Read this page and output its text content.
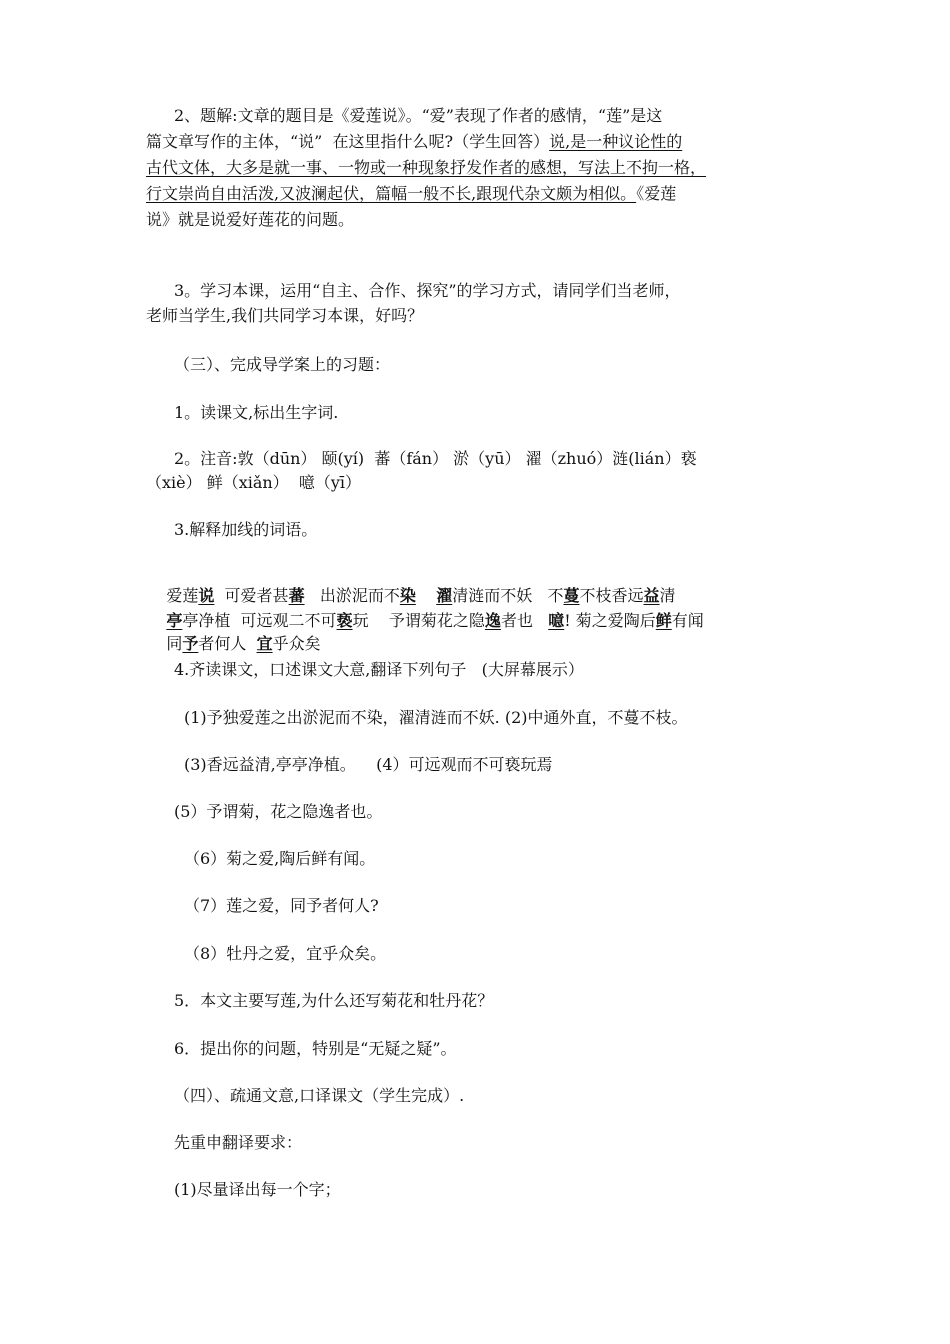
2、题解:文章的题目是《爱莲说》。“爱”表现了作者的感情，“莲”是这
篇文章写作的主体，“说”  在这里指什么呢?（学生回答）说,是一种议论性的
古代文体，大多是就一事、一物或一种现象抒发作者的感想，写法上不拘一格，
行文崇尚自由活泼,又波澜起伏，篇幅一般不长,跟现代杂文颇为相似。《爱莲
说》就是说爱好莲花的问题。
3。学习本课，运用“自主、合作、探究”的学习方式，请同学们当老师，
老师当学生,我们共同学习本课，好吗？
（三）、完成导学案上的习题：
1。读课文,标出生字词.
2。注音:敦（dūn） 颐(yí)  蕃（fán） 淤（yū） 濯（zhuó）涟(lián）亵
（xiè） 鲜（xiǎn）  噫（yī）
3.解释加线的词语。

爱莲说  可爱者甚蕃   出淤泥而不染 濯清涟而不妖   不蔓不枝香远益清

亭亭净植  可远观二不可亵玩    予谓菊花之隐逸者也   噫! 菊之爱陶后鲜有闻

同予者何人  宜乎众矣

4.齐读课文，口述课文大意,翻译下列句子   (大屏幕展示）
(1)予独爱莲之出淤泥而不染，濯清涟而不妖. (2)中通外直，不蔓不枝。
(3)香远益清,亭亭净植。    (4）可远观而不可亵玩焉
(5）予谓菊，花之隐逸者也。
（6）菊之爱,陶后鲜有闻。
（7）莲之爱，同予者何人?
（8）牡丹之爱，宜乎众矣。
5．本文主要写莲,为什么还写菊花和牡丹花？
6．提出你的问题，特别是“无疑之疑”。
（四）、疏通文意,口译课文（学生完成）.
先重申翻译要求：
(1)尽量译出每一个字；
